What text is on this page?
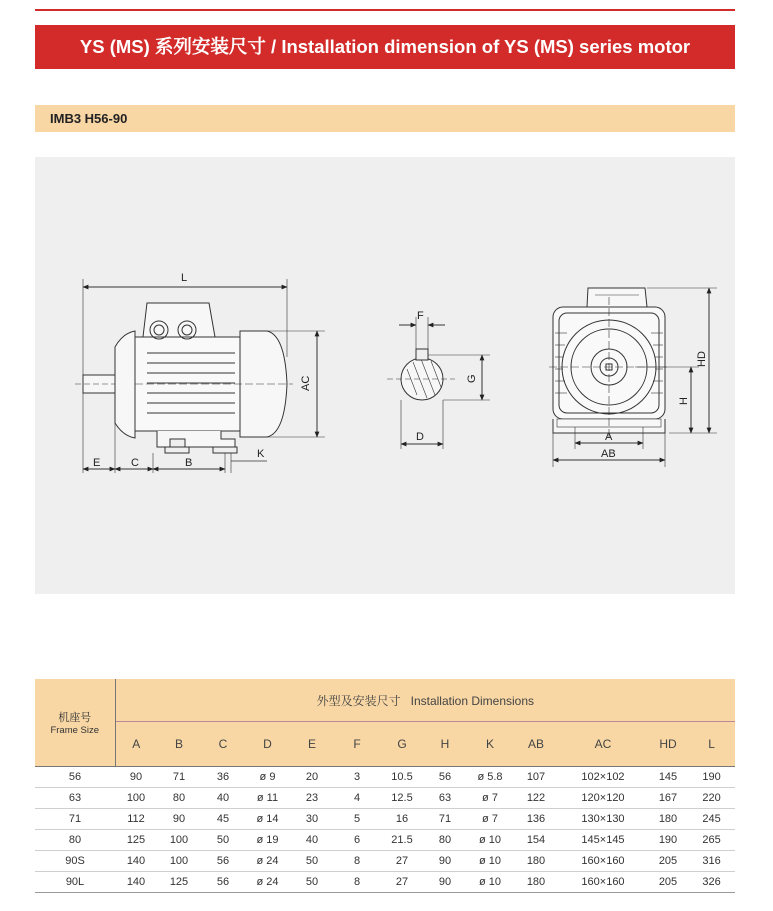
YS (MS) 系列安装尺寸 / Installation dimension of YS (MS) series motor
IMB3 H56-90
L
AC
E	C	B
K
F
G
D
HD
H
A
AB
机座号
Frame Size	外型及安装尺寸 Installation Dimensions												
	A	B	C	D	E	F	G	H	K	AB	AC	HD	L
56	90	71	36	ø 9	20	3	10.5	56	ø 5.8	107	102×102	145	190
63	100	80	40	ø 11	23	4	12.5	63	ø 7	122	120×120	167	220
71	112	90	45	ø 14	30	5	16	71	ø 7	136	130×130	180	245
80	125	100	50	ø 19	40	6	21.5	80	ø 10	154	145×145	190	265
90S	140	100	56	ø 24	50	8	27	90	ø 10	180	160×160	205	316
90L	140	125	56	ø 24	50	8	27	90	ø 10	180	160×160	205	326
